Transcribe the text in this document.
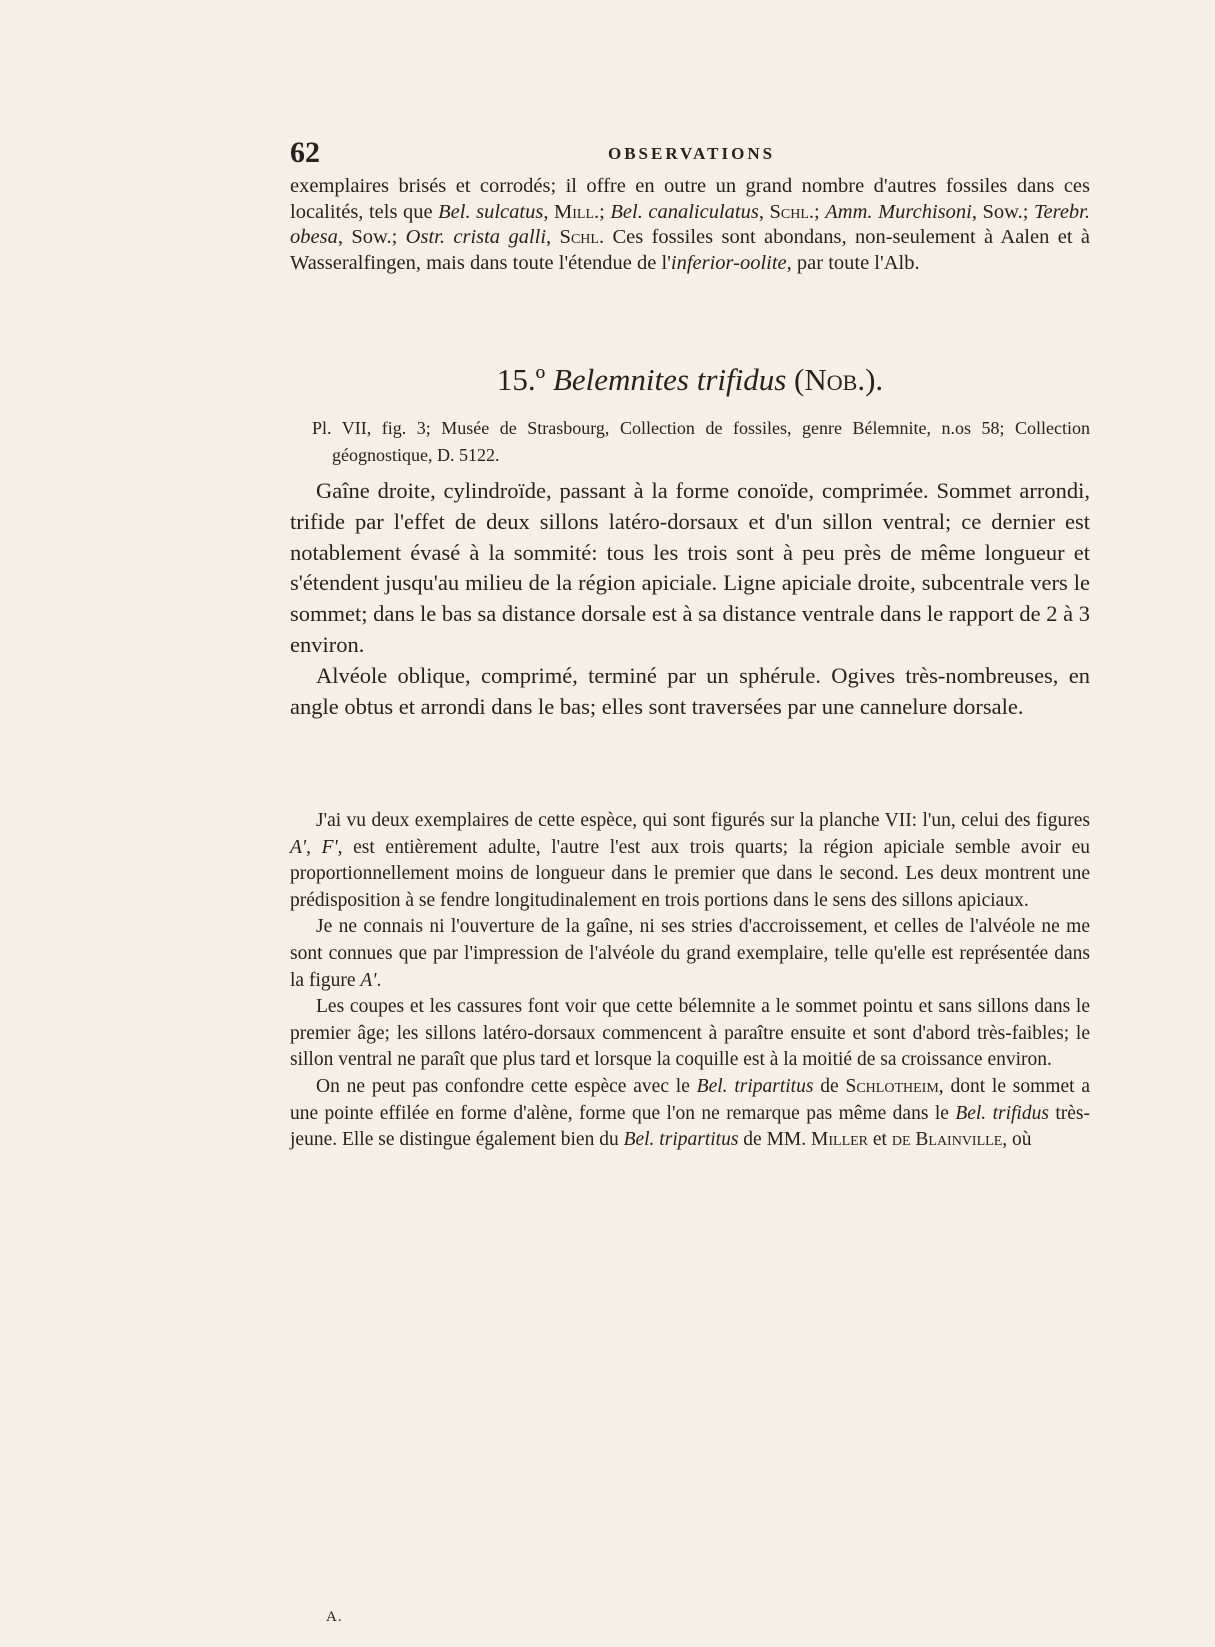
62	OBSERVATIONS

exemplaires brisés et corrodés; il offre en outre un grand nombre d'autres fossiles dans ces localités, tels que Bel. sulcatus, Mill.; Bel. canaliculatus, Schl.; Amm. Murchisoni, Sow.; Terebr. obesa, Sow.; Ostr. crista galli, Schl. Ces fossiles sont abondans, non-seulement à Aalen et à Wasseralfingen, mais dans toute l'étendue de l'inferior-oolite, par toute l'Alb.

15.º Belemnites trifidus (Nob.).

Pl. VII, fig. 3; Musée de Strasbourg, Collection de fossiles, genre Bélemnite, n.os 58; Collection géognostique, D. 5122.

Gaîne droite, cylindroïde, passant à la forme conoïde, comprimée. Sommet arrondi, trifide par l'effet de deux sillons latéro-dorsaux et d'un sillon ventral; ce dernier est notablement évasé à la sommité: tous les trois sont à peu près de même longueur et s'étendent jusqu'au milieu de la région apiciale. Ligne apiciale droite, subcentrale vers le sommet; dans le bas sa distance dorsale est à sa distance ventrale dans le rapport de 2 à 3 environ.

Alvéole oblique, comprimé, terminé par un sphérule. Ogives très-nombreuses, en angle obtus et arrondi dans le bas; elles sont traversées par une cannelure dorsale.

J'ai vu deux exemplaires de cette espèce, qui sont figurés sur la planche VII: l'un, celui des figures A', F', est entièrement adulte, l'autre l'est aux trois quarts; la région apiciale semble avoir eu proportionnellement moins de longueur dans le premier que dans le second. Les deux montrent une prédisposition à se fendre longitudinalement en trois portions dans le sens des sillons apiciaux.

Je ne connais ni l'ouverture de la gaîne, ni ses stries d'accroissement, et celles de l'alvéole ne me sont connues que par l'impression de l'alvéole du grand exemplaire, telle qu'elle est représentée dans la figure A'.

Les coupes et les cassures font voir que cette bélemnite a le sommet pointu et sans sillons dans le premier âge; les sillons latéro-dorsaux commencent à paraître ensuite et sont d'abord très-faibles; le sillon ventral ne paraît que plus tard et lorsque la coquille est à la moitié de sa croissance environ.

On ne peut pas confondre cette espèce avec le Bel. tripartitus de Schlotheim, dont le sommet a une pointe effilée en forme d'alène, forme que l'on ne remarque pas même dans le Bel. trifidus très-jeune. Elle se distingue également bien du Bel. tripartitus de MM. Miller et de Blainville, où

A.
